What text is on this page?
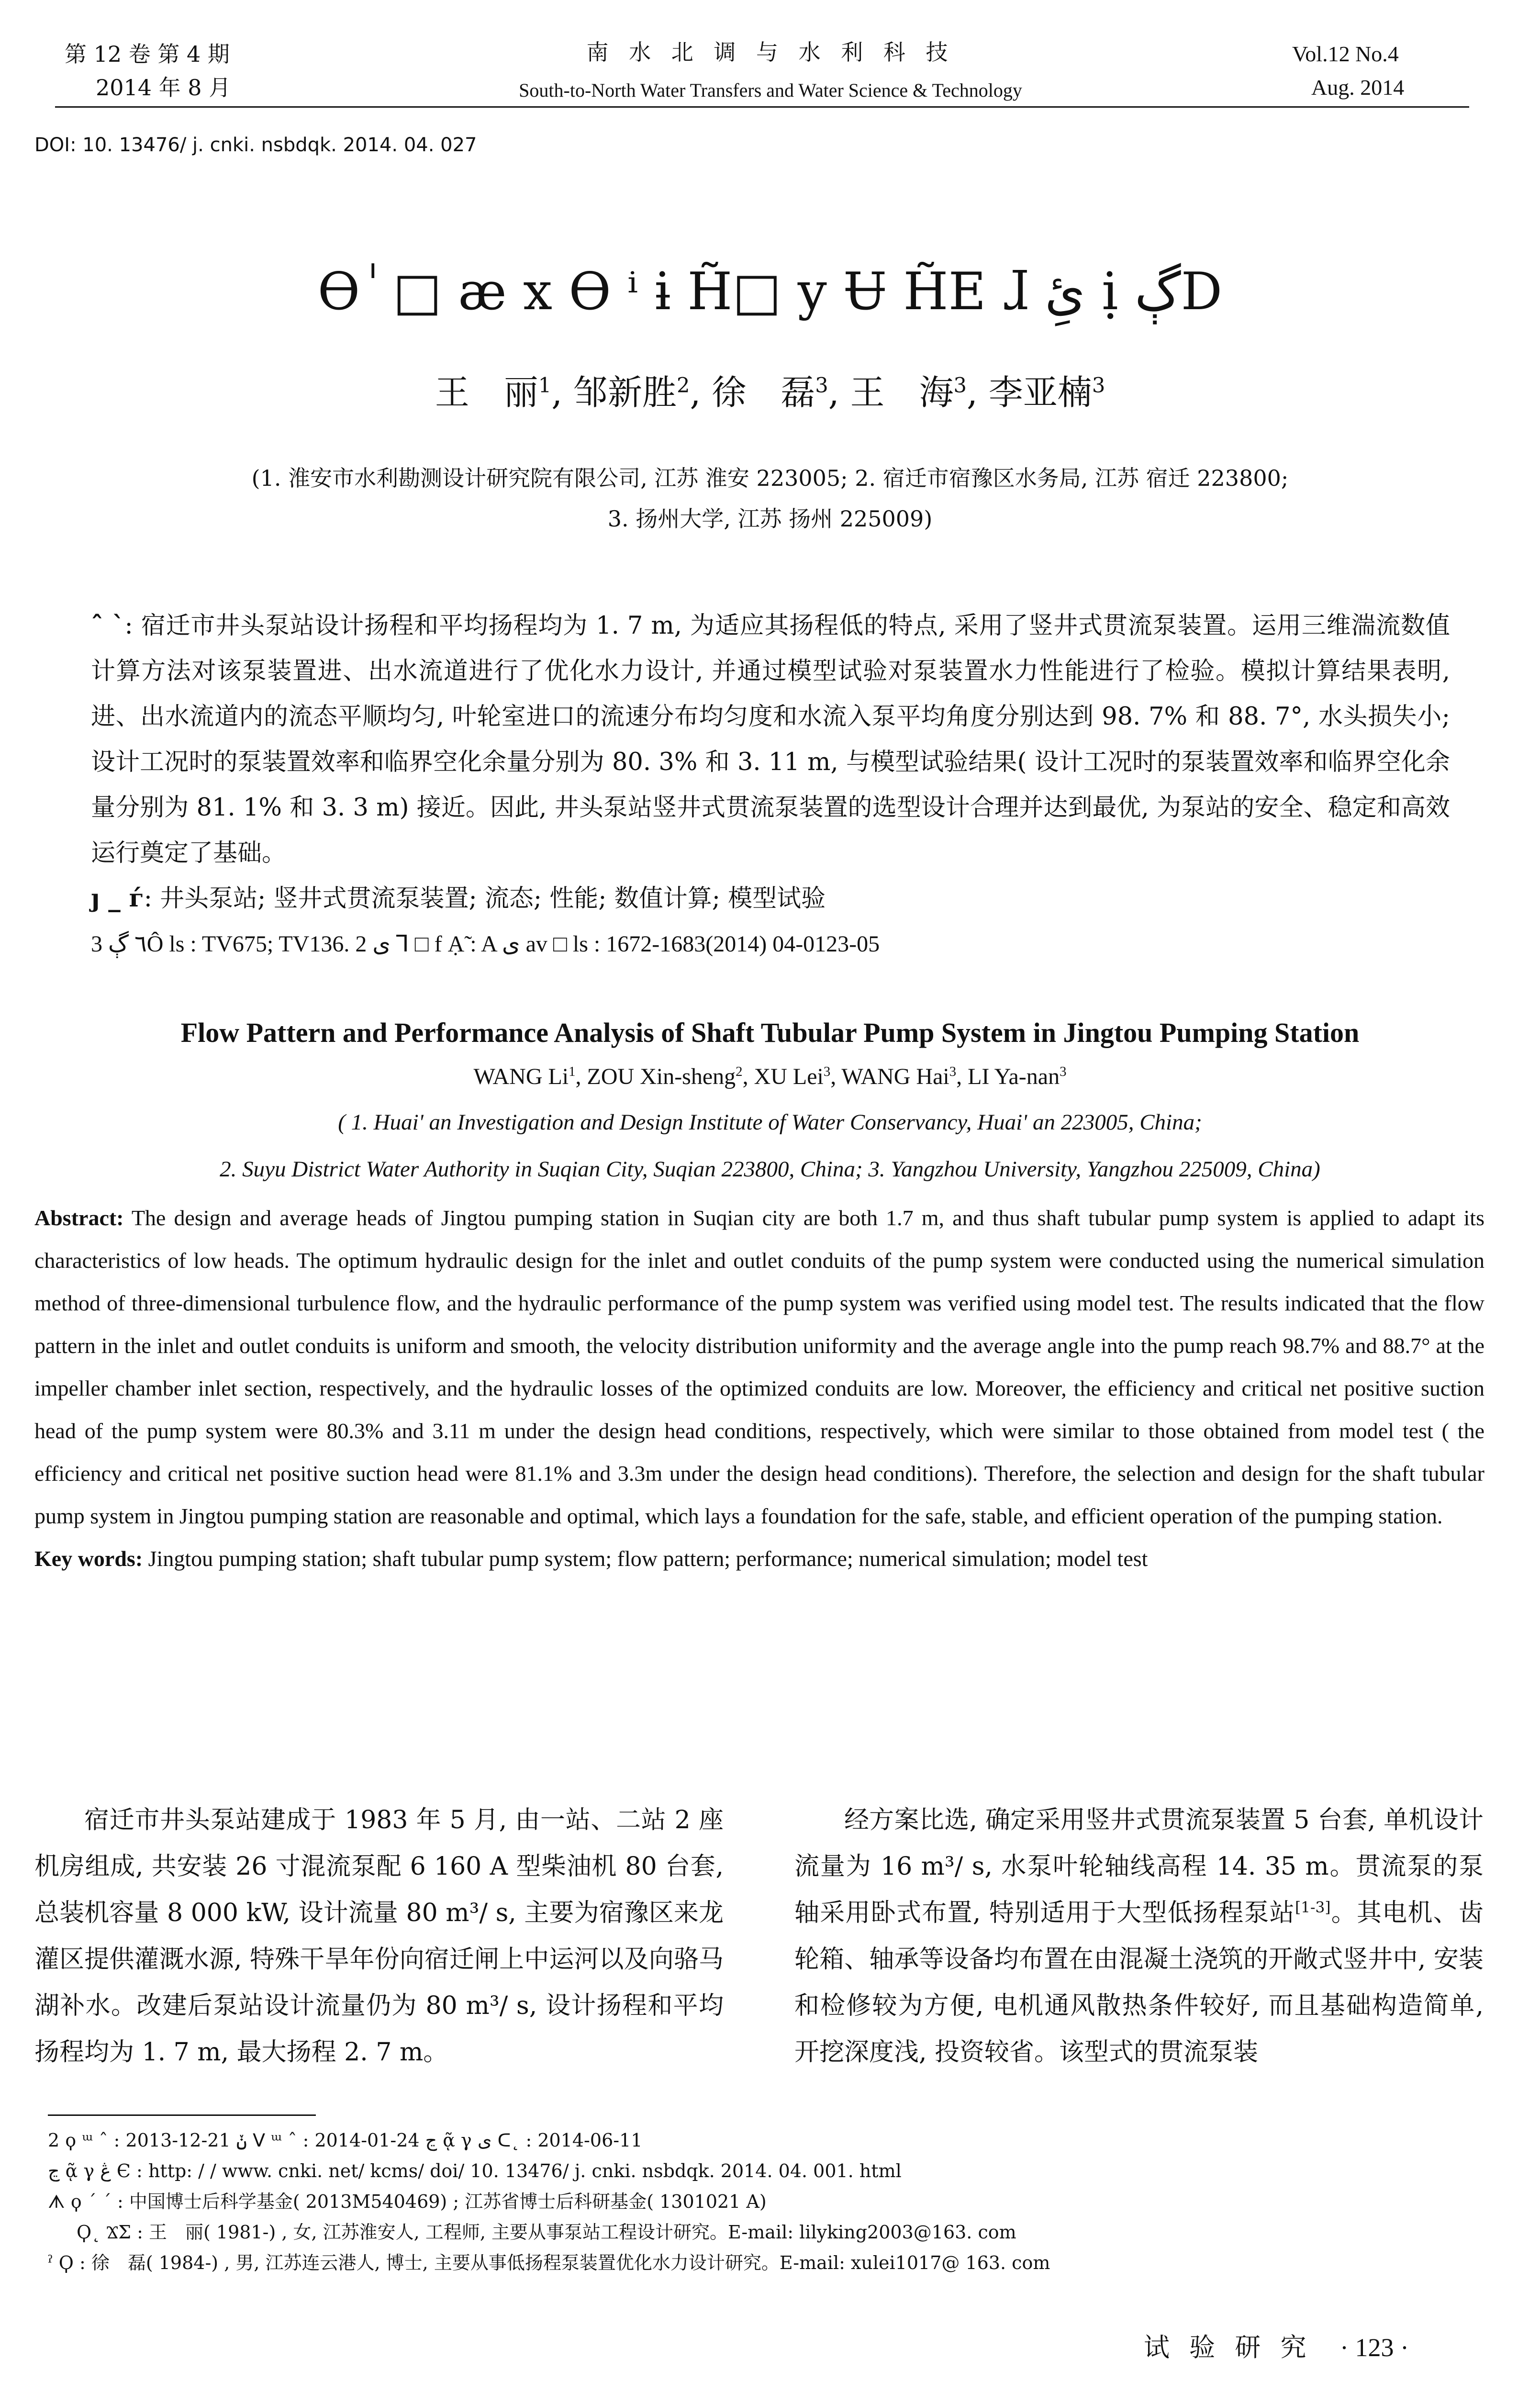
第 12 卷 第 4 期
2014 年 8 月
南 水 北 调 与 水 利 科 技
South-to-North Water Transfers and Water Science & Technology
Vol.12 No.4
Aug. 2014
DOI: 10. 13476/ j. cnki. nsbdqk. 2014. 04. 027
Ѳ ٰ □ æ x Ѳ ⁱ ɨ H̃□ y Ʉ H̃E ɺ ئِ ị ڳD
王　丽$^1$, 邹新胜$^2$, 徐　磊$^3$, 王　海$^3$, 李亚楠$^3$
(1. 淮安市水利勘测设计研究院有限公司, 江苏 淮安 223005; 2. 宿迁市宿豫区水务局, 江苏 宿迁 223800;
3. 扬州大学, 江苏 扬州 225009)

ˆ ˋ: 宿迁市井头泵站设计扬程和平均扬程均为 1. 7 m, 为适应其扬程低的特点, 采用了竖井式贯流泵装置。运用三维湍流数值计算方法对该泵装置进、出水流道进行了优化水力设计, 并通过模型试验对泵装置水力性能进行了检验。模拟计算结果表明, 进、出水流道内的流态平顺均匀, 叶轮室进口的流速分布均匀度和水流入泵平均角度分别达到 98. 7% 和 88. 7°, 水头损失小; 设计工况时的泵装置效率和临界空化余量分别为 80. 3% 和 3. 11 m, 与模型试验结果( 设计工况时的泵装置效率和临界空化余量分别为 81. 1% 和 3. 3 m) 接近。因此, 井头泵站竖井式贯流泵装置的选型设计合理并达到最优, 为泵站的安全、稳定和高效运行奠定了基础。

ȷ _ ѓ: 井头泵站; 竖井式贯流泵装置; 流态; 性能; 数值计算; 模型试验

3 ٦ ڳÔ ls : TV675; TV136. 2 ی ⅂ □ f Ạ̃ : A ی av □ ls : 1672-1683(2014) 04-0123-05

Flow Pattern and Performance Analysis of Shaft Tubular Pump System in Jingtou Pumping Station
WANG Li$^1$, ZOU Xin-sheng$^2$, XU Lei$^3$, WANG Hai$^3$, LI Ya-nan$^3$
( 1. Huai' an Investigation and Design Institute of Water Conservancy, Huai' an 223005, China;
2. Suyu District Water Authority in Suqian City, Suqian 223800, China; 3. Yangzhou University, Yangzhou 225009, China)

Abstract: The design and average heads of Jingtou pumping station in Suqian city are both 1.7 m, and thus shaft tubular pump system is applied to adapt its characteristics of low heads. The optimum hydraulic design for the inlet and outlet conduits of the pump system were conducted using the numerical simulation method of three-dimensional turbulence flow, and the hydraulic performance of the pump system was verified using model test. The results indicated that the flow pattern in the inlet and outlet conduits is uniform and smooth, the velocity distribution uniformity and the average angle into the pump reach 98.7% and 88.7° at the impeller chamber inlet section, respectively, and the hydraulic losses of the optimized conduits are low. Moreover, the efficiency and critical net positive suction head of the pump system were 80.3% and 3.11 m under the design head conditions, respectively, which were similar to those obtained from model test ( the efficiency and critical net positive suction head were 81.1% and 3.3m under the design head conditions). Therefore, the selection and design for the shaft tubular pump system in Jingtou pumping station are reasonable and optimal, which lays a foundation for the safe, stable, and efficient operation of the pumping station.

Key words: Jingtou pumping station; shaft tubular pump system; flow pattern; performance; numerical simulation; model test

宿迁市井头泵站建成于 1983 年 5 月, 由一站、二站 2 座机房组成, 共安装 26 寸混流泵配 6 160 A 型柴油机 80 台套, 总装机容量 8 000 kW, 设计流量 80 m³/ s, 主要为宿豫区来龙灌区提供灌溉水源, 特殊干旱年份向宿迁闸上中运河以及向骆马湖补水。改建后泵站设计流量仍为 80 m³/ s, 设计扬程和平均扬程均为 1. 7 m, 最大扬程 2. 7 m。

经方案比选, 确定采用竖井式贯流泵装置 5 台套, 单机设计流量为 16 m³/ s, 水泵叶轮轴线高程 14. 35 m。贯流泵的泵轴采用卧式布置, 特别适用于大型低扬程泵站[1-3]。其电机、齿轮箱、轴承等设备均布置在由混凝土浇筑的开敞式竖井中, 安装和检修较为方便, 电机通风散热条件较好, 而且基础构造简单, 开挖深度浅, 投资较省。该型式的贯流泵装

2 ϙ ᵚ ˆ : 2013-12-21 ݩ ᐯ ᵚ ˆ : 2014-01-24 ڃ ᾷ γ ی ᑕ˛ : 2014-06-11

ڃ ᾷ γ ڠ Є : http: / / www. cnki. net/ kcms/ doi/ 10. 13476/ j. cnki. nsbdqk. 2014. 04. 001. html

ᗑ ϙ ˊ ˊ : 中国博士后科学基金( 2013M540469) ; 江苏省博士后科研基金( 1301021 A)

Ϙ˛ ϪΣ : 王　丽( 1981-) , 女, 江苏淮安人, 工程师, 主要从事泵站工程设计研究。E-mail: lilyking2003@163. com

ˀ Ϙ : 徐　磊( 1984-) , 男, 江苏连云港人, 博士, 主要从事低扬程泵装置优化水力设计研究。E-mail: xulei1017@ 163. com

试 验 研 究 · 123 ·
